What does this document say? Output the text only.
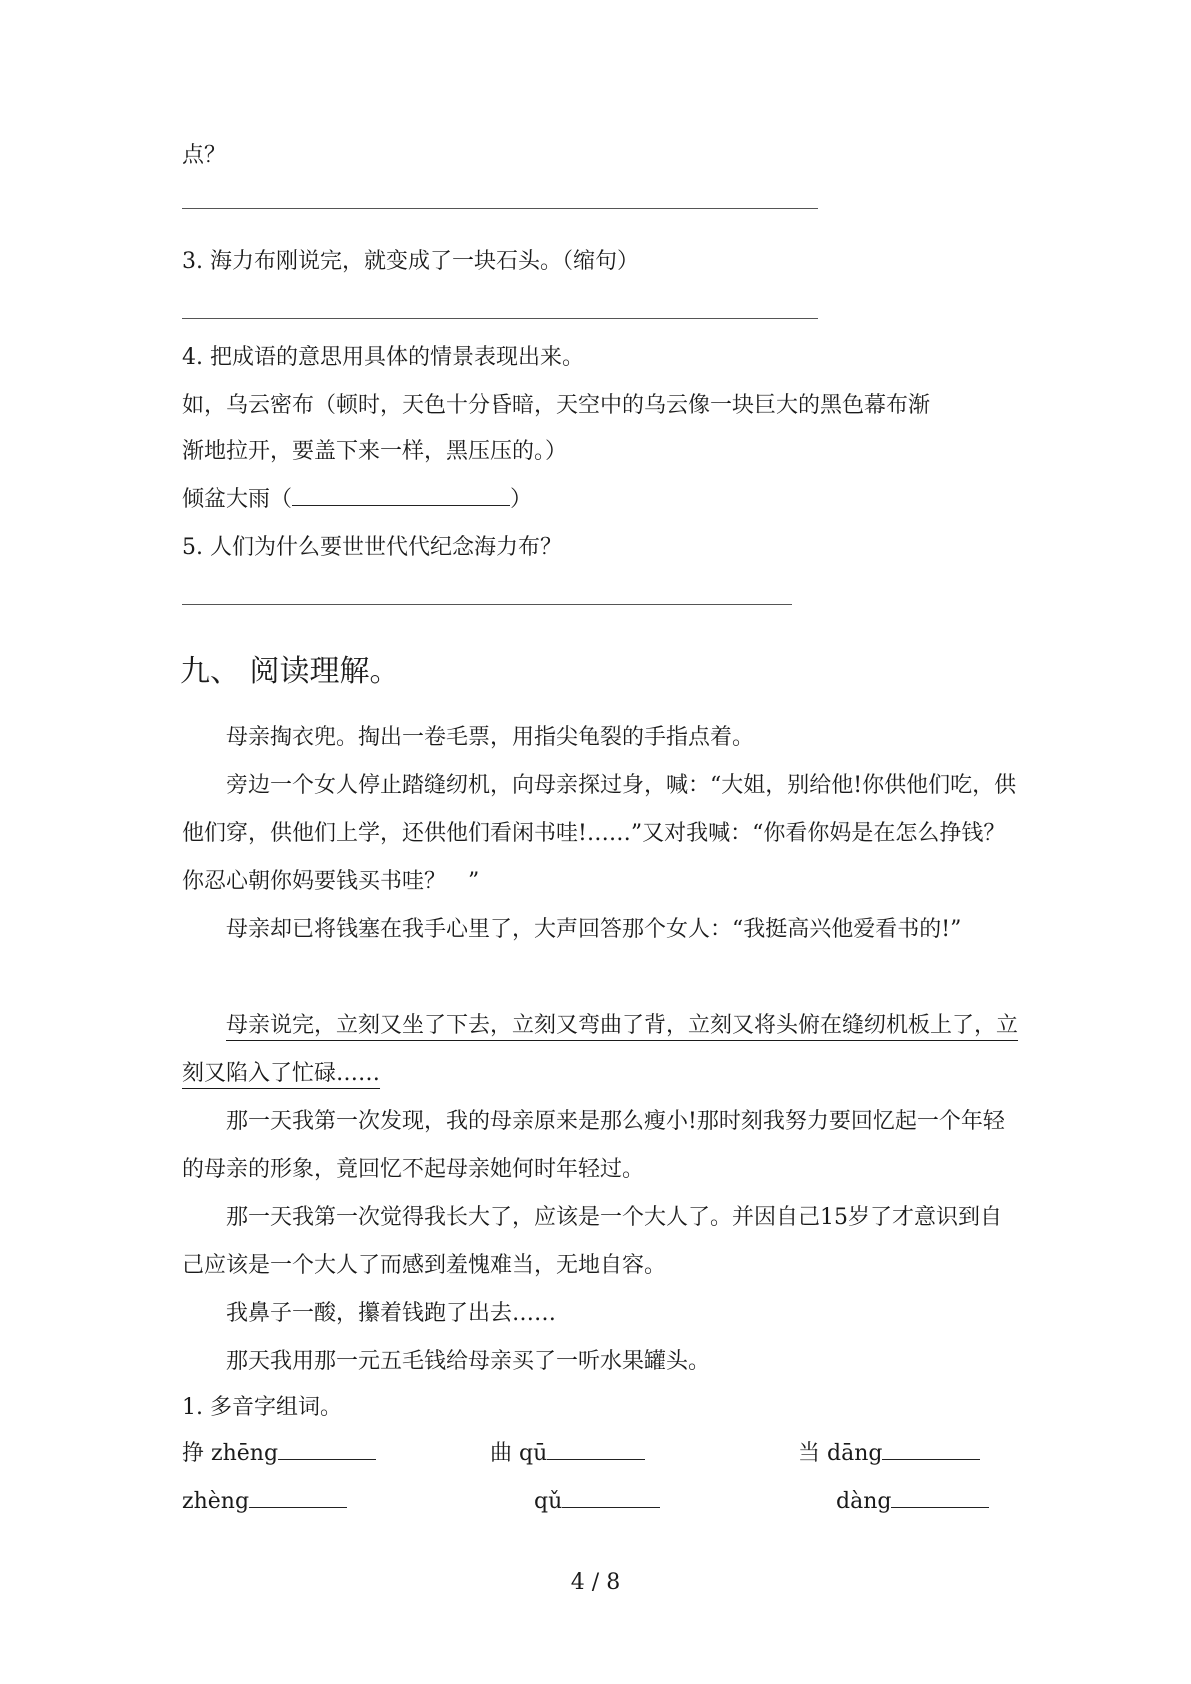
点？
3. 海力布刚说完，就变成了一块石头。（缩句）
4. 把成语的意思用具体的情景表现出来。
如，乌云密布（顿时，天色十分昏暗，天空中的乌云像一块巨大的黑色幕布渐
渐地拉开，要盖下来一样，黑压压的。）
倾盆大雨（	）
5. 人们为什么要世世代代纪念海力布？
九、 阅读理解。
母亲掏衣兜。掏出一卷毛票，用指尖龟裂的手指点着。
旁边一个女人停止踏缝纫机，向母亲探过身，喊：“大姐，别给他!你供他们吃，供他们穿，供他们上学，还供他们看闲书哇!……”又对我喊：“你看你妈是在怎么挣钱？　你忍心朝你妈要钱买书哇？　”
母亲却已将钱塞在我手心里了，大声回答那个女人：“我挺高兴他爱看书的!”
母亲说完，立刻又坐了下去，立刻又弯曲了背，立刻又将头俯在缝纫机板上了，立刻又陷入了忙碌……
那一天我第一次发现，我的母亲原来是那么瘦小!那时刻我努力要回忆起一个年轻的母亲的形象，竟回忆不起母亲她何时年轻过。
那一天我第一次觉得我长大了，应该是一个大人了。并因自己15岁了才意识到自己应该是一个大人了而感到羞愧难当，无地自容。
我鼻子一酸，攥着钱跑了出去……
那天我用那一元五毛钱给母亲买了一听水果罐头。
1. 多音字组词。
挣 zhēng	曲 qū	当 dāng
zhèng	qǔ	dàng
4 / 8
